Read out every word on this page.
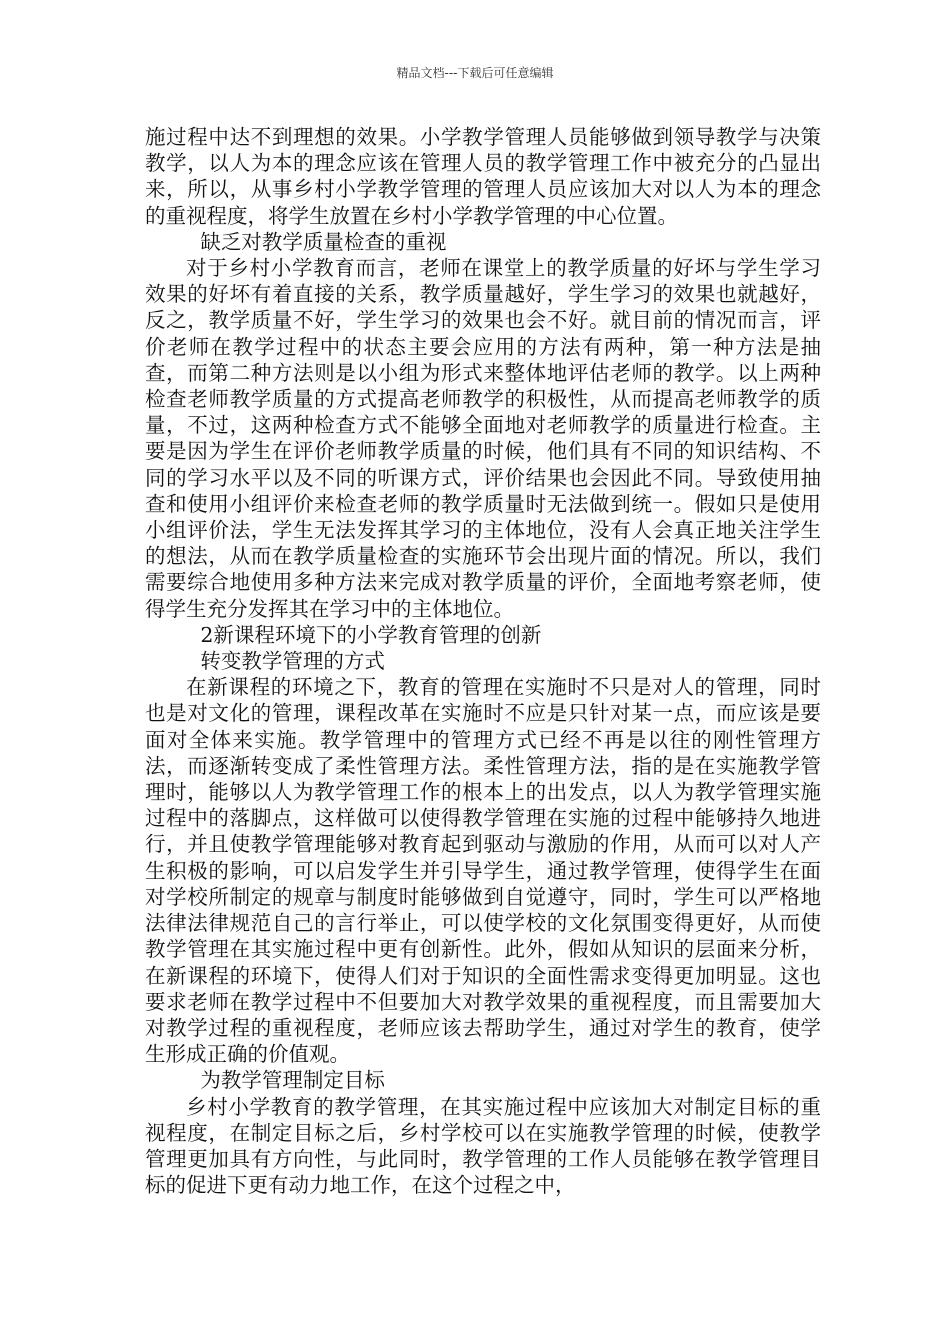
精品文档---下载后可任意编辑

施过程中达不到理想的效果。小学教学管理人员能够做到领导教学与决策教学，以人为本的理念应该在管理人员的教学管理工作中被充分的凸显出来，所以，从事乡村小学教学管理的管理人员应该加大对以人为本的理念的重视程度，将学生放置在乡村小学教学管理的中心位置。

缺乏对教学质量检查的重视

对于乡村小学教育而言，老师在课堂上的教学质量的好坏与学生学习效果的好坏有着直接的关系，教学质量越好，学生学习的效果也就越好，反之，教学质量不好，学生学习的效果也会不好。就目前的情况而言，评价老师在教学过程中的状态主要会应用的方法有两种，第一种方法是抽查，而第二种方法则是以小组为形式来整体地评估老师的教学。以上两种检查老师教学质量的方式提高老师教学的积极性，从而提高老师教学的质量，不过，这两种检查方式不能够全面地对老师教学的质量进行检查。主要是因为学生在评价老师教学质量的时候，他们具有不同的知识结构、不同的学习水平以及不同的听课方式，评价结果也会因此不同。导致使用抽查和使用小组评价来检查老师的教学质量时无法做到统一。假如只是使用小组评价法，学生无法发挥其学习的主体地位，没有人会真正地关注学生的想法，从而在教学质量检查的实施环节会出现片面的情况。所以，我们需要综合地使用多种方法来完成对教学质量的评价，全面地考察老师，使得学生充分发挥其在学习中的主体地位。

2新课程环境下的小学教育管理的创新

转变教学管理的方式

在新课程的环境之下，教育的管理在实施时不只是对人的管理，同时也是对文化的管理，课程改革在实施时不应是只针对某一点，而应该是要面对全体来实施。教学管理中的管理方式已经不再是以往的刚性管理方法，而逐渐转变成了柔性管理方法。柔性管理方法，指的是在实施教学管理时，能够以人为教学管理工作的根本上的出发点，以人为教学管理实施过程中的落脚点，这样做可以使得教学管理在实施的过程中能够持久地进行，并且使教学管理能够对教育起到驱动与激励的作用，从而可以对人产生积极的影响，可以启发学生并引导学生，通过教学管理，使得学生在面对学校所制定的规章与制度时能够做到自觉遵守，同时，学生可以严格地法律法律规范自己的言行举止，可以使学校的文化氛围变得更好，从而使教学管理在其实施过程中更有创新性。此外，假如从知识的层面来分析，在新课程的环境下，使得人们对于知识的全面性需求变得更加明显。这也要求老师在教学过程中不但要加大对教学效果的重视程度，而且需要加大对教学过程的重视程度，老师应该去帮助学生，通过对学生的教育，使学生形成正确的价值观。

为教学管理制定目标

乡村小学教育的教学管理，在其实施过程中应该加大对制定目标的重视程度，在制定目标之后，乡村学校可以在实施教学管理的时候，使教学管理更加具有方向性，与此同时，教学管理的工作人员能够在教学管理目标的促进下更有动力地工作，在这个过程之中，
